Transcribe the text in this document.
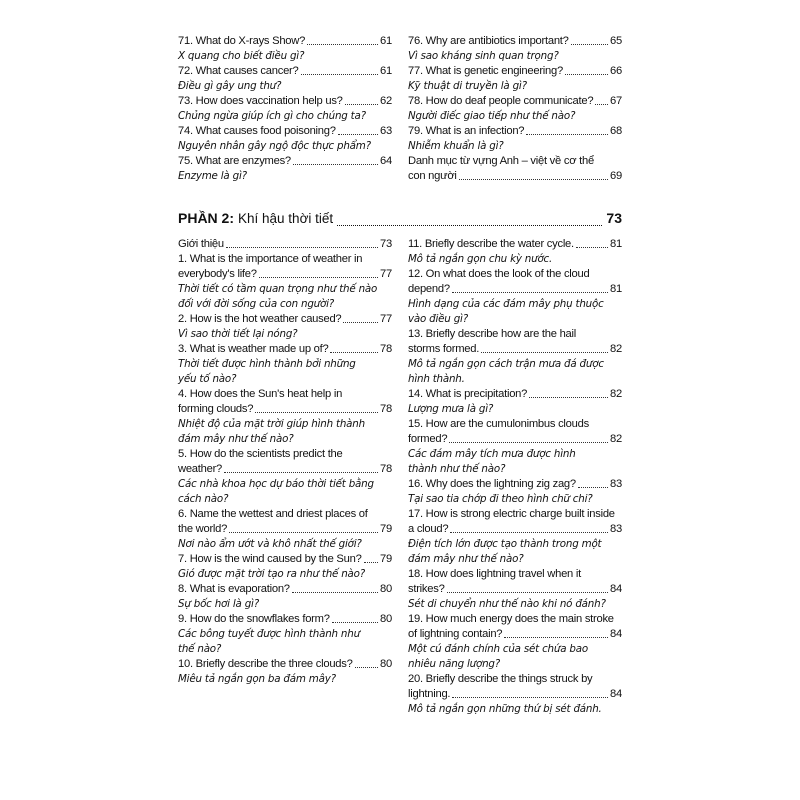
71. What do X-rays Show?	61
X quang cho biết điều gì?
72. What causes cancer?	61
Điều gì gây ung thư?
73. How does vaccination help us?	62
Chủng ngừa giúp ích gì cho chúng ta?
74. What causes food poisoning?	63
Nguyên nhân gây ngộ độc thực phẩm?
75. What are enzymes?	64
Enzyme là gì?
76. Why are antibiotics important?	65
Vì sao kháng sinh quan trọng?
77. What is genetic engineering?	66
Kỹ thuật di truyền là gì?
78. How do deaf people communicate? 67
Người điếc giao tiếp như thế nào?
79. What is an infection?	68
Nhiễm khuẩn là gì?
Danh mục từ vựng Anh – việt về cơ thể
con người	69
PHẦN 2: Khí hậu thời tiết	73
Giới thiệu	73
1. What is the importance of weather in
everybody's life?	77
Thời tiết có tầm quan trọng như thế nào
đối với đời sống của con người?
2. How is the hot weather caused?	77
Vì sao thời tiết lại nóng?
3. What is weather made up of?	78
Thời tiết được hình thành bởi những
yếu tố nào?
4. How does the Sun's heat help in
forming clouds?	78
Nhiệt độ của mặt trời giúp hình thành
đám mây như thế nào?
5. How do the scientists predict the
weather?	78
Các nhà khoa học dự báo thời tiết bằng
cách nào?
6. Name the wettest and driest places of
the world?	79
Nơi nào ẩm ướt và khô nhất thế giới?
7. How is the wind caused by the Sun? 79
Gió được mặt trời tạo ra như thế nào?
8. What is evaporation?	80
Sự bốc hơi là gì?
9. How do the snowflakes form?	80
Các bông tuyết được hình thành như
thế nào?
10. Briefly describe the three clouds? 80
Miêu tả ngắn gọn ba đám mây?
11. Briefly describe the water cycle.	81
Mô tả ngắn gọn chu kỳ nước.
12. On what does the look of the cloud
depend?	81
Hình dạng của các đám mây phụ thuộc
vào điều gì?
13. Briefly describe how are the hail
storms formed.	82
Mô tả ngắn gọn cách trận mưa đá được
hình thành.
14. What is precipitation?	82
Lượng mưa là gì?
15. How are the cumulonimbus clouds
formed?	82
Các đám mây tích mưa được hình
thành như thế nào?
16. Why does the lightning zig zag?	83
Tại sao tia chớp đi theo hình chữ chi?
17. How is strong electric charge built inside
a cloud?	83
Điện tích lớn được tạo thành trong một
đám mây như thế nào?
18. How does lightning travel when it
strikes?	84
Sét di chuyển như thế nào khi nó đánh?
19. How much energy does the main stroke
of lightning contain?	84
Một cú đánh chính của sét chứa bao
nhiêu năng lượng?
20. Briefly describe the things struck by
lightning.	84
Mô tả ngắn gọn những thứ bị sét đánh.
